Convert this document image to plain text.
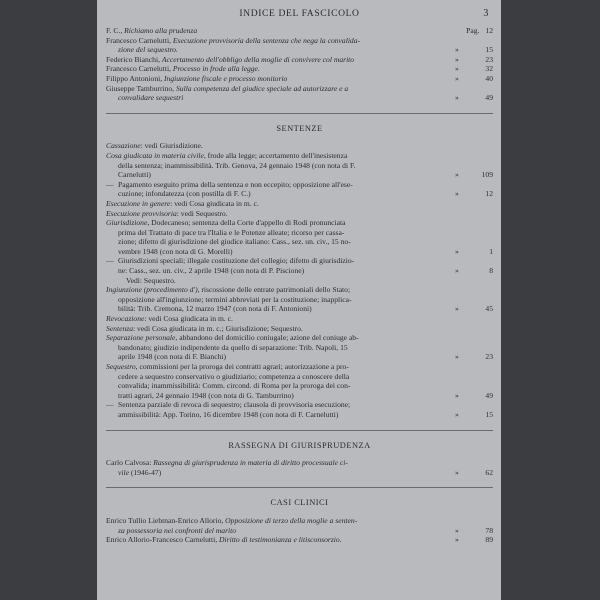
INDICE DEL FASCICOLO	3
F. C., Richiamo alla prudenza	Pag. 12
Francesco Carnelutti, Esecuzione provvisoria della sentenza che nega la convalida-
zione del sequestro.	»	15
Federico Bianchi, Accertamento dell'obbligo della moglie di convivere col marito	»	23
Francesco Carnelutti, Processo in frode alla legge.	»	32
Filippo Antonioni, Ingiunzione fiscale e processo monitorio	»	40
Giuseppe Tamburrino, Sulla competenza del giudice speciale ad autorizzare e a
convalidare sequestri	»	49
SENTENZE
Cassazione: vedi Giurisdizione.
Cosa giudicata in materia civile, frode alla legge; accertamento dell'inesistenza
della sentenza; inammissibilità. Trib. Genova, 24 gennaio 1948 (con nota di F.
Carnelutti)	»	109
— Pagamento eseguito prima della sentenza e non eccepito; opposizione all'ese-
cuzione; infondatezza (con postilla di F. C.)	»	12
Esecuzione in genere: vedi Cosa giudicata in m. c.
Esecuzione provvisoria: vedi Sequestro.
Giurisdizione, Dodecaneso; sentenza della Corte d'appello di Rodi pronunciata
prima del Trattato di pace tra l'Italia e le Potenze alleate; ricorso per cassa-
zione; difetto di giurisdizione del giudice italiano: Cass., sez. un. civ., 15 no-
vembre 1948 (con nota di G. Morelli)	»	1
— Giurisdizioni speciali; illegale costituzione del collegio; difetto di giurisdizio-
ne: Cass., sez. un. civ., 2 aprile 1948 (con nota di P. Piscione)	»	8
Vedi: Sequestro.
Ingiunzione (procedimento d'), riscossione delle entrate patrimoniali dello Stato;
opposizione all'ingiunzione; termini abbreviati per la costituzione; inapplica-
bilità: Trib. Cremona, 12 marzo 1947 (con nota di F. Antonioni)	»	45
Revocazione: vedi Cosa giudicata in m. c.
Sentenza: vedi Cosa giudicata in m. c.; Giurisdizione; Sequestro.
Separazione personale, abbandono del domicilio coniugale; azione del coniuge ab-
bandonato; giudizio indipendente da quello di separazione: Trib. Napoli, 15
aprile 1948 (con nota di F. Bianchi)	»	23
Sequestro, commissioni per la proroga dei contratti agrari; autorizzazione a pro-
cedere a sequestro conservativo o giudiziario; competenza a conoscere della
convalida; inammissibilità: Comm. circond. di Roma per la proroga dei con-
tratti agrari, 24 gennaio 1948 (con nota di G. Tamburrino)	»	49
— Sentenza parziale di revoca di sequestro; clausola di provvisoria esecuzione;
ammissibilità: App. Torino, 16 dicembre 1948 (con nota di F. Carnelutti)	»	15
RASSEGNA DI GIURISPRUDENZA
Carlo Calvosa: Rassegna di giurisprudenza in materia di diritto processuale ci-
vile (1946-47)	»	62
CASI CLINICI
Enrico Tullio Liebman-Enrico Allorio, Opposizione di terzo della moglie a senten-
za possessoria nei confronti del marito	»	78
Enrico Allorio-Francesco Carnelutti, Diritto di testimonianza e litisconsorzio.	»	89
